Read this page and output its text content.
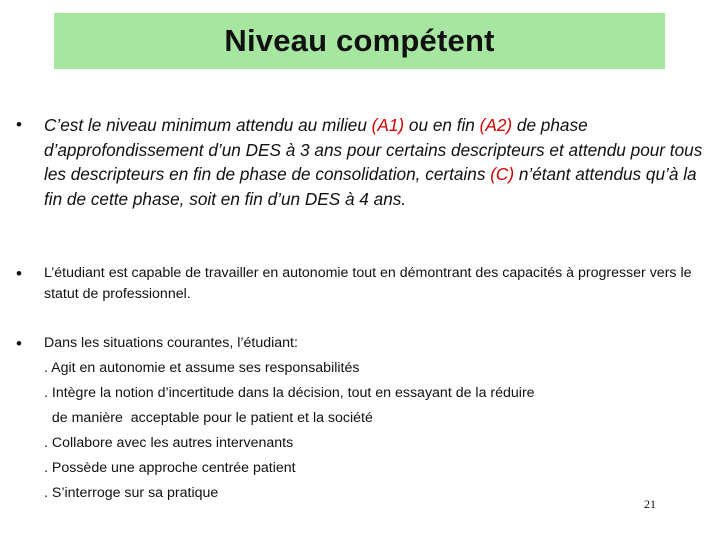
Niveau compétent
• C’est le niveau minimum attendu au milieu (A1) ou en fin (A2) de phase d’approfondissement d’un DES à 3 ans pour certains descripteurs et attendu pour tous les descripteurs en fin de phase de consolidation, certains (C) n’étant attendus qu’à la fin de cette phase, soit en fin d’un DES à 4 ans.
• L’étudiant est capable de travailler en autonomie tout en démontrant des capacités à progresser vers le statut de professionnel.
• Dans les situations courantes, l’étudiant:
. Agit en autonomie et assume ses responsabilités
. Intègre la notion d’incertitude dans la décision, tout en essayant de la réduire
de manière  acceptable pour le patient et la société
. Collabore avec les autres intervenants
. Possède une approche centrée patient
. S’interroge sur sa pratique
21
